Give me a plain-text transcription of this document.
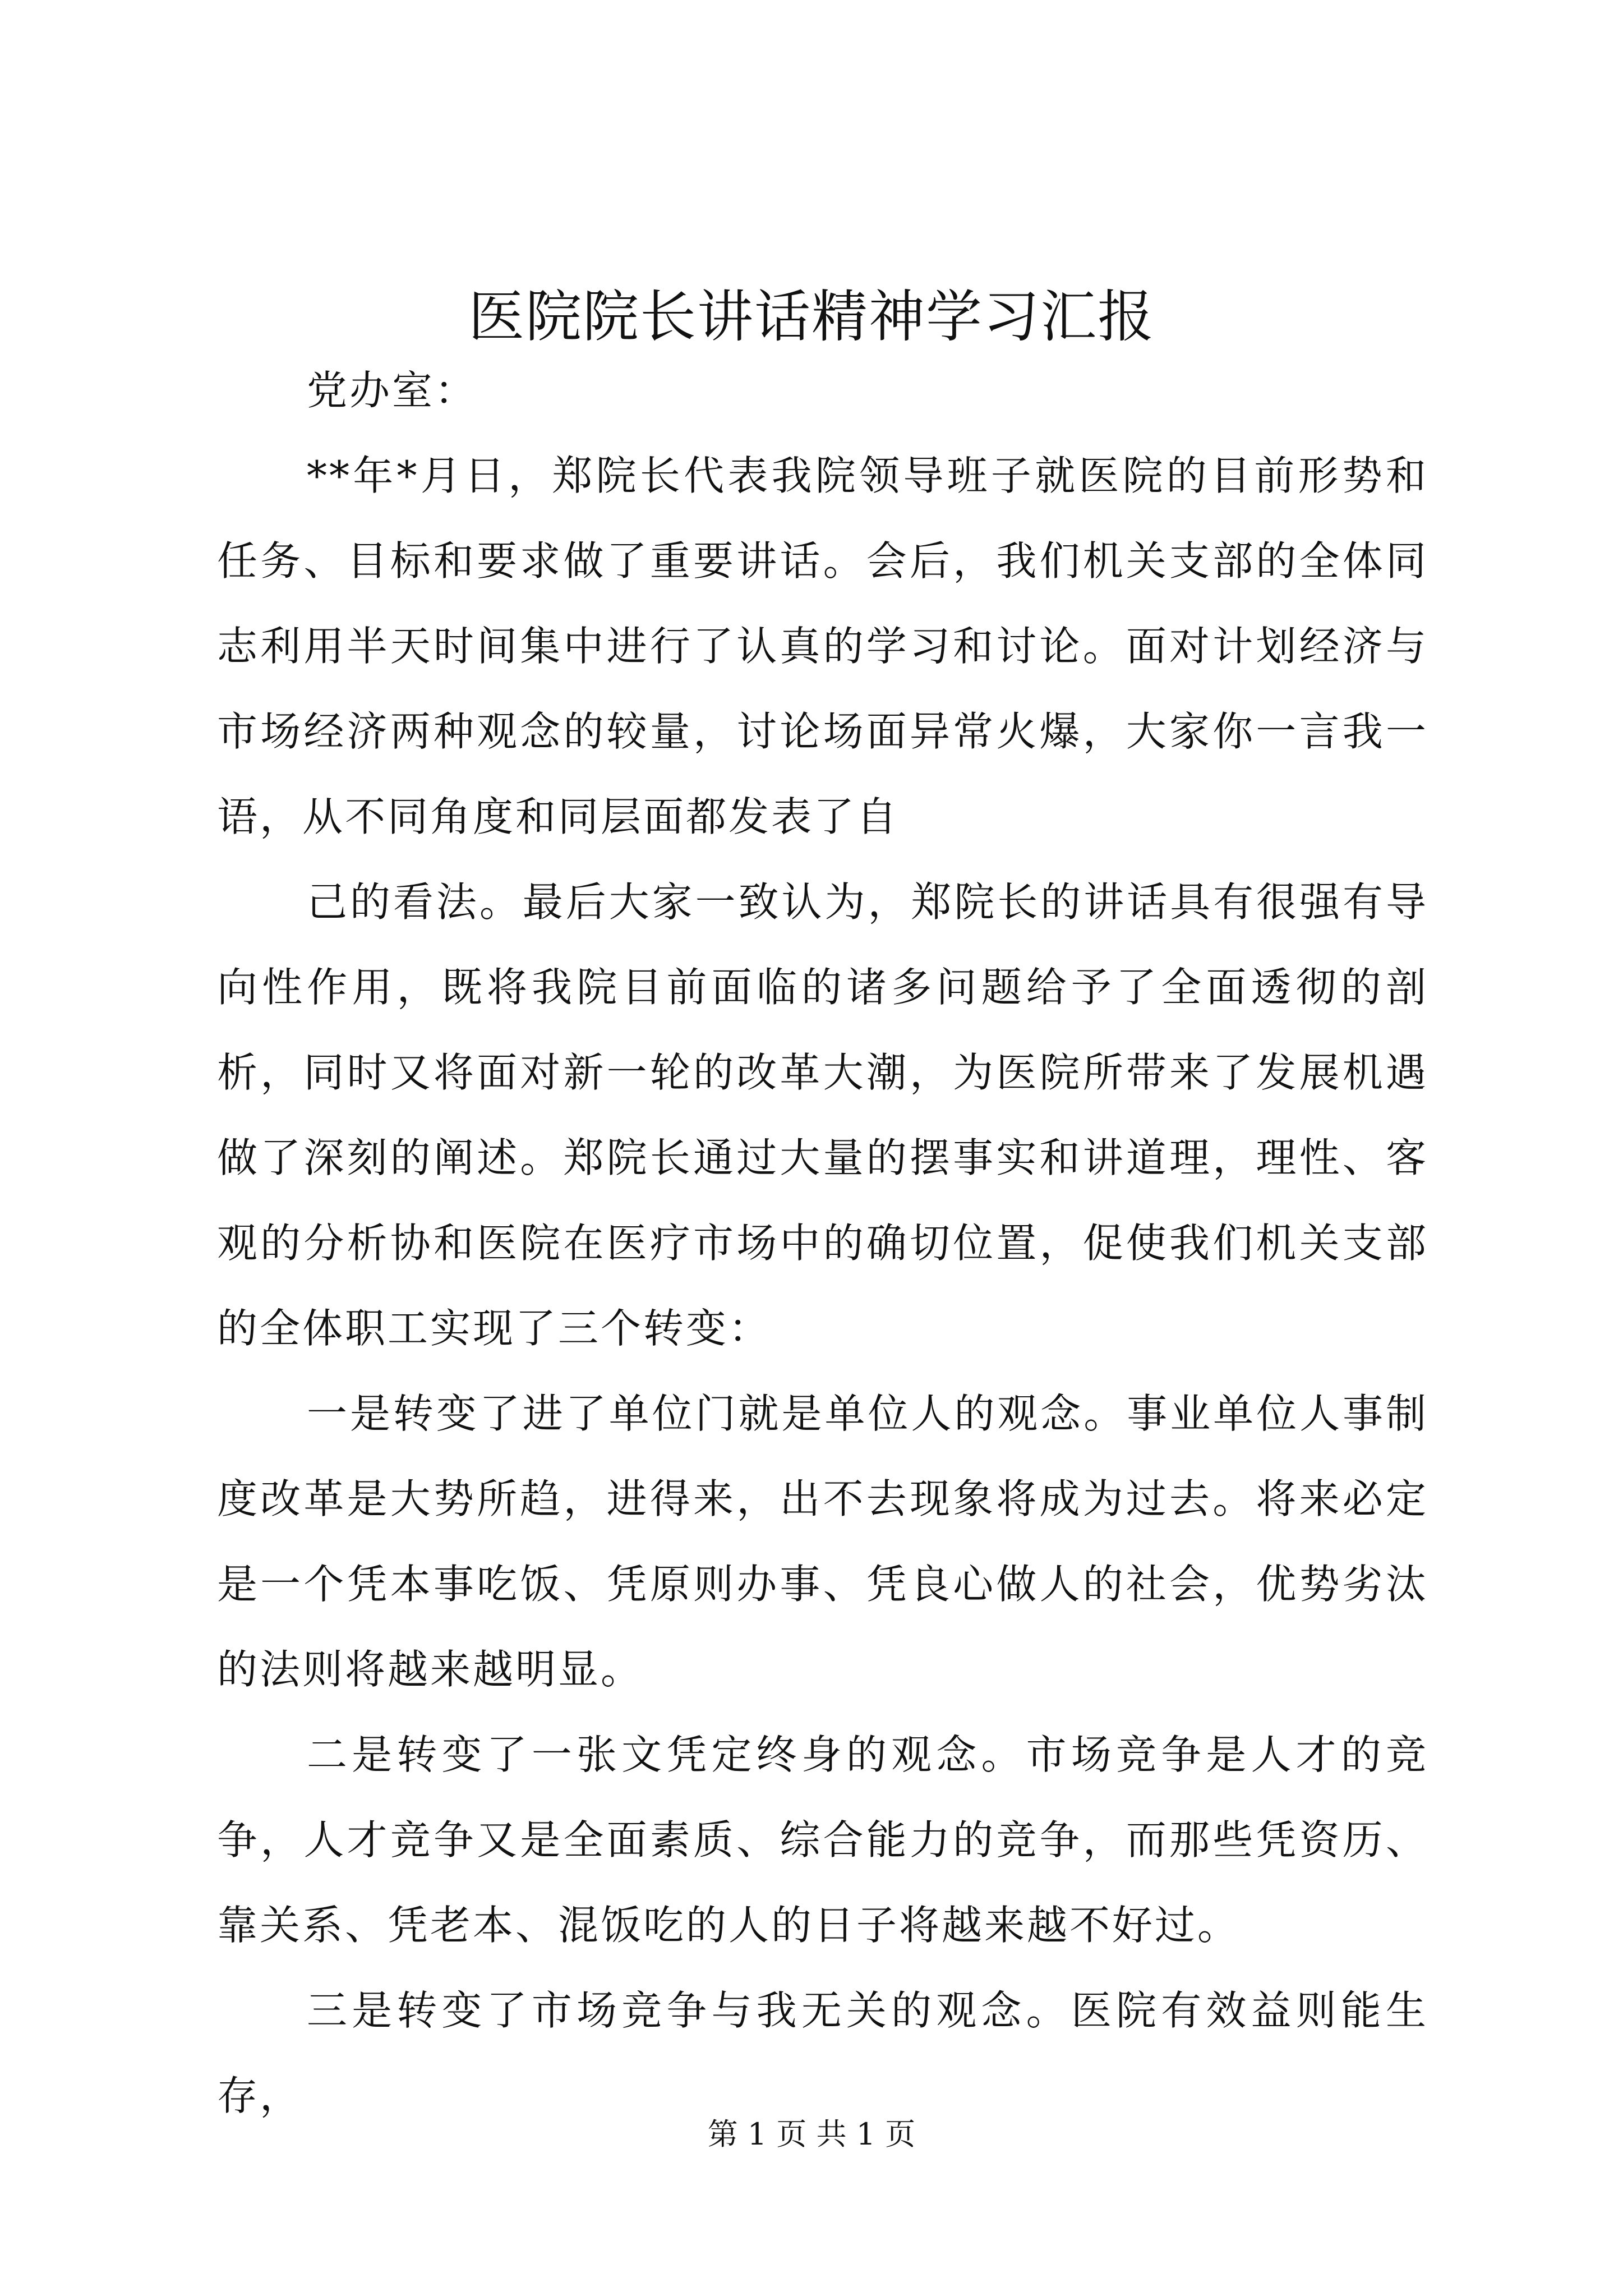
医院院长讲话精神学习汇报

党办室：

**年*月日，郑院长代表我院领导班子就医院的目前形势和任务、目标和要求做了重要讲话。会后，我们机关支部的全体同志利用半天时间集中进行了认真的学习和讨论。面对计划经济与市场经济两种观念的较量，讨论场面异常火爆，大家你一言我一语，从不同角度和同层面都发表了自

己的看法。最后大家一致认为，郑院长的讲话具有很强有导向性作用，既将我院目前面临的诸多问题给予了全面透彻的剖析，同时又将面对新一轮的改革大潮，为医院所带来了发展机遇做了深刻的阐述。郑院长通过大量的摆事实和讲道理，理性、客观的分析协和医院在医疗市场中的确切位置，促使我们机关支部的全体职工实现了三个转变：

一是转变了进了单位门就是单位人的观念。事业单位人事制度改革是大势所趋，进得来，出不去现象将成为过去。将来必定是一个凭本事吃饭、凭原则办事、凭良心做人的社会，优势劣汰的法则将越来越明显。

二是转变了一张文凭定终身的观念。市场竞争是人才的竞争，人才竞争又是全面素质、综合能力的竞争，而那些凭资历、靠关系、凭老本、混饭吃的人的日子将越来越不好过。

三是转变了市场竞争与我无关的观念。医院有效益则能生存，

第 1 页 共 1 页
